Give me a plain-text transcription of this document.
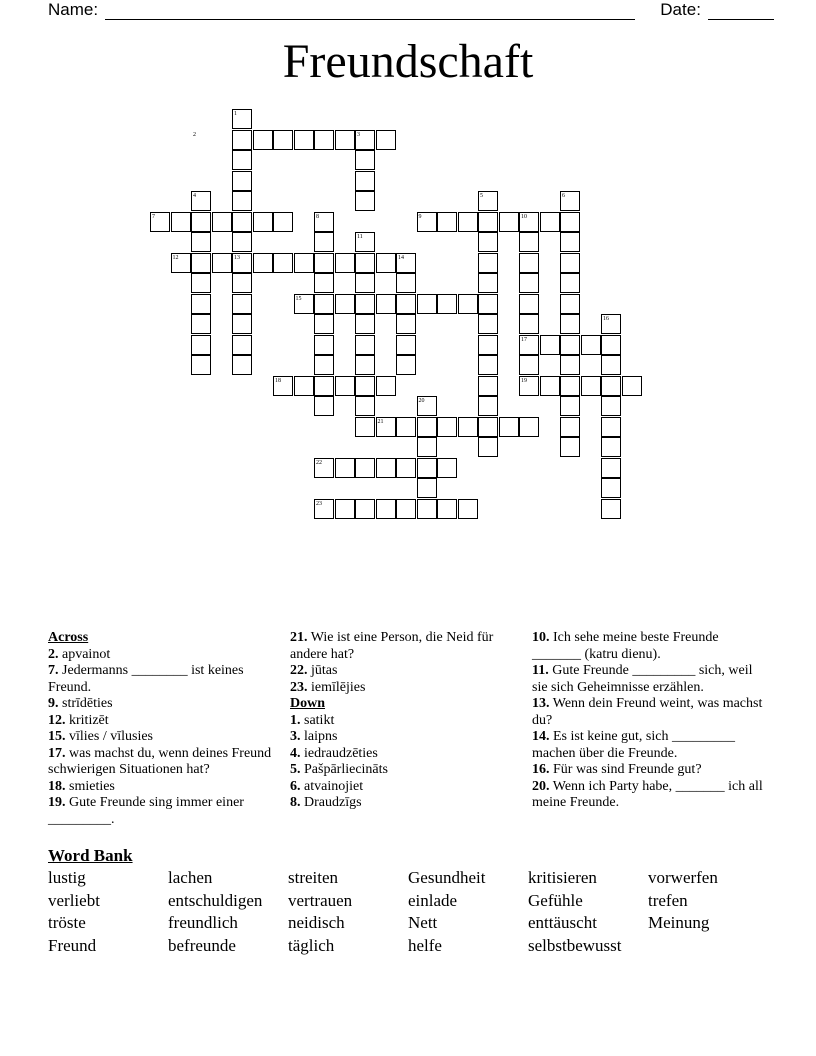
Name:	Date:
Freundschaft
1
2	3
4	5	6
7	8	9	10
11
12	13	14
15
16
17
18	19
20
21
22
23
Across
2. apvainot
7. Jedermanns ________ ist keines Freund.
9. strīdēties
12. kritizēt
15. vīlies / vīlusies
17. was machst du, wenn deines Freund schwierigen Situationen hat?
18. smieties
19. Gute Freunde sing immer einer _________.
21. Wie ist eine Person, die Neid für andere hat?
22. jūtas
23. iemīlējies
Down
1. satikt
3. laipns
4. iedraudzēties
5. Pašpārliecināts
6. atvainojiet
8. Draudzīgs
10. Ich sehe meine beste Freunde _______ (katru dienu).
11. Gute Freunde _________ sich, weil sie sich Geheimnisse erzählen.
13. Wenn dein Freund weint, was machst du?
14. Es ist keine gut, sich _________ machen über die Freunde.
16. Für was sind Freunde gut?
20. Wenn ich Party habe, _______ ich all meine Freunde.
Word Bank
lustig	lachen	streiten	Gesundheit	kritisieren	vorwerfen
verliebt	entschuldigen vertrauen	einlade	Gefühle	trefen
tröste	freundlich	neidisch	Nett	enttäuscht	Meinung
Freund	befreunde	täglich	helfe	selbstbewusst
